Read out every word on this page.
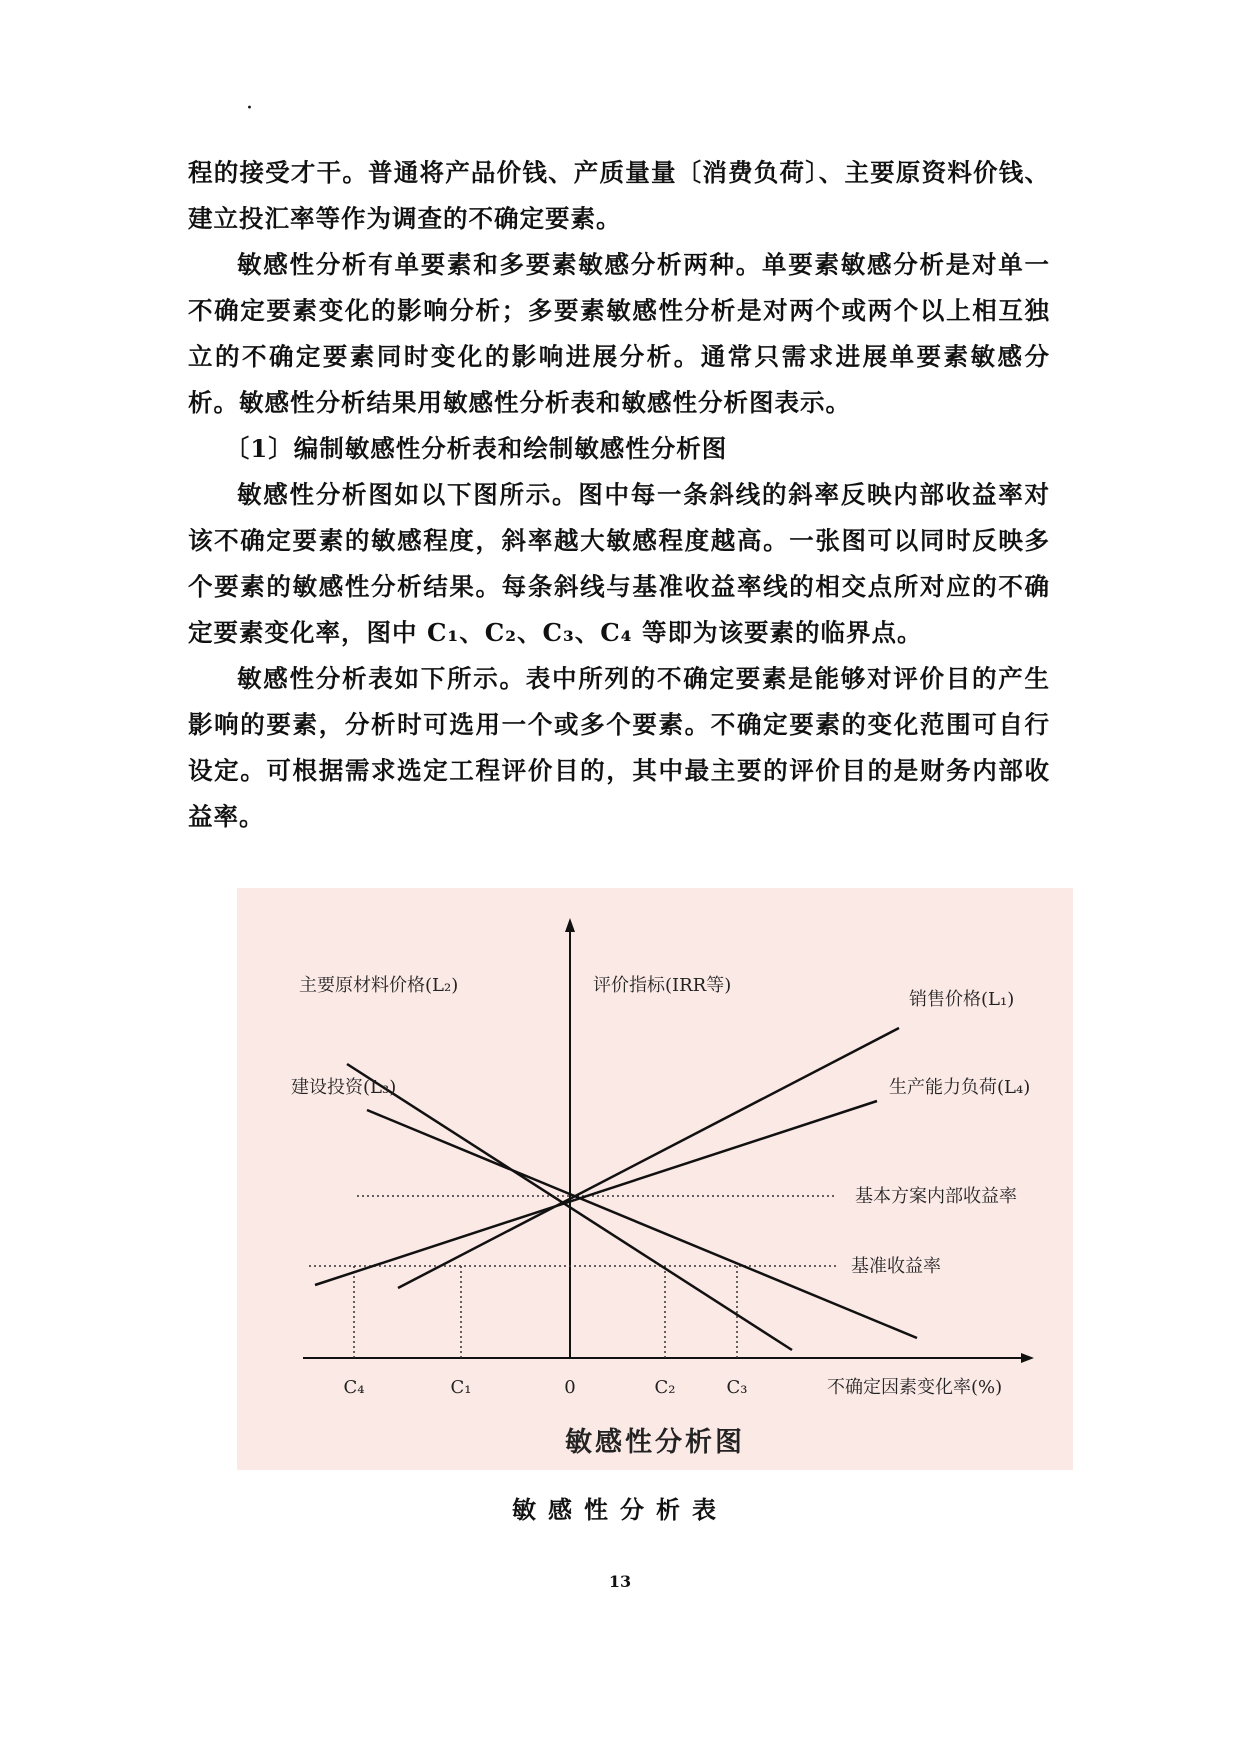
·

程的接受才干。普通将产品价钱、产质量量〔消费负荷〕、主要原资料价钱、建立投汇率等作为调查的不确定要素。

敏感性分析有单要素和多要素敏感分析两种。单要素敏感分析是对单一不确定要素变化的影响分析；多要素敏感性分析是对两个或两个以上相互独立的不确定要素同时变化的影响进展分析。通常只需求进展单要素敏感分析。敏感性分析结果用敏感性分析表和敏感性分析图表示。

〔1〕编制敏感性分析表和绘制敏感性分析图

敏感性分析图如以下图所示。图中每一条斜线的斜率反映内部收益率对该不确定要素的敏感程度，斜率越大敏感程度越高。一张图可以同时反映多个要素的敏感性分析结果。每条斜线与基准收益率线的相交点所对应的不确定要素变化率，图中 C₁、C₂、C₃、C₄ 等即为该要素的临界点。

敏感性分析表如下所示。表中所列的不确定要素是能够对评价目的产生影响的要素，分析时可选用一个或多个要素。不确定要素的变化范围可自行设定。可根据需求选定工程评价目的，其中最主要的评价目的是财务内部收益率。

主要原材料价格(L₂)
建设投资(L₃)
销售价格(L₁)
生产能力负荷(L₄)
评价指标(IRR等)
基本方案内部收益率
基准收益率
C₄	C₁	0	C₂	C₃	不确定因素变化率(%)
敏感性分析图
敏感性分析表
13
